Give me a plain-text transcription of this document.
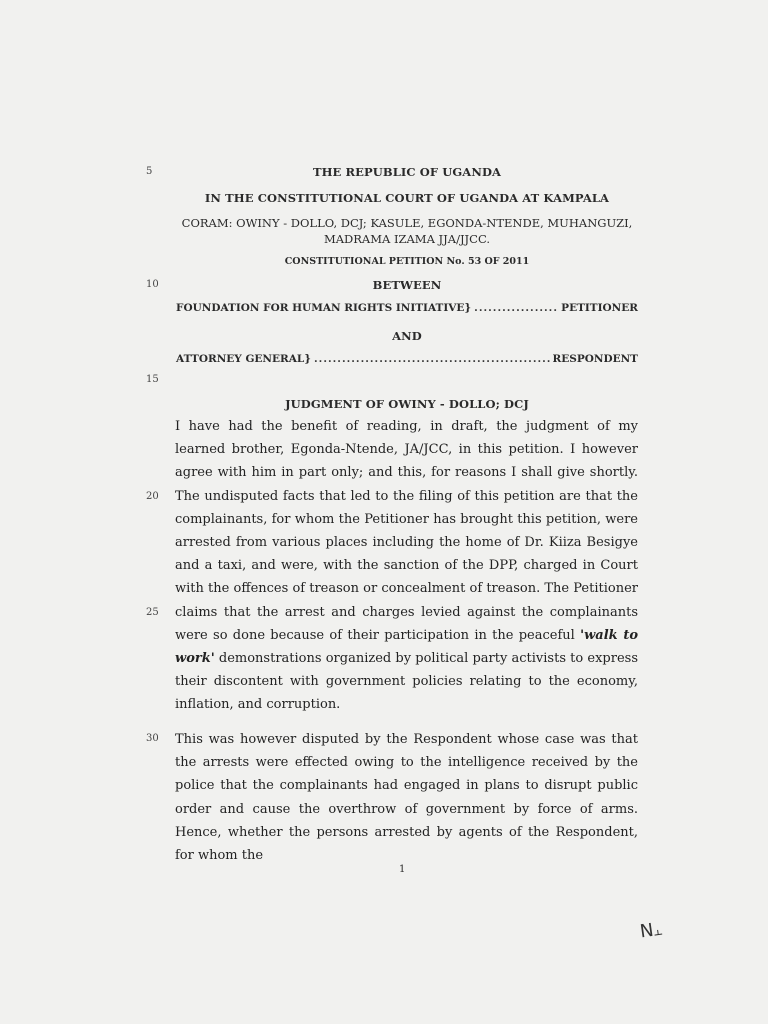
5
10
15
20
25
30

THE REPUBLIC OF UGANDA

IN THE CONSTITUTIONAL COURT OF UGANDA AT KAMPALA

CORAM: OWINY - DOLLO, DCJ; KASULE, EGONDA-NTENDE, MUHANGUZI,

MADRAMA IZAMA JJA/JJCC.

CONSTITUTIONAL PETITION No. 53 OF 2011

BETWEEN

FOUNDATION FOR HUMAN RIGHTS INITIATIVE} .....	PETITIONER

AND

ATTORNEY GENERAL} .....	RESPONDENT

JUDGMENT OF OWINY - DOLLO; DCJ

I have had the benefit of reading, in draft, the judgment of my learned brother, Egonda-Ntende, JA/JCC, in this petition. I however agree with him in part only; and this, for reasons I shall give shortly. The undisputed facts that led to the filing of this petition are that the complainants, for whom the Petitioner has brought this petition, were arrested from various places including the home of Dr. Kiiza Besigye and a taxi, and were, with the sanction of the DPP, charged in Court with the offences of treason or concealment of treason. The Petitioner claims that the arrest and charges levied against the complainants were so done because of their participation in the peaceful 'walk to work' demonstrations organized by political party activists to express their discontent with government policies relating to the economy, inflation, and corruption.

This was however disputed by the Respondent whose case was that the arrests were effected owing to the intelligence received by the police that the complainants had engaged in plans to disrupt public order and cause the overthrow of government by force of arms. Hence, whether the persons arrested by agents of the Respondent, for whom the

1
N⫠
